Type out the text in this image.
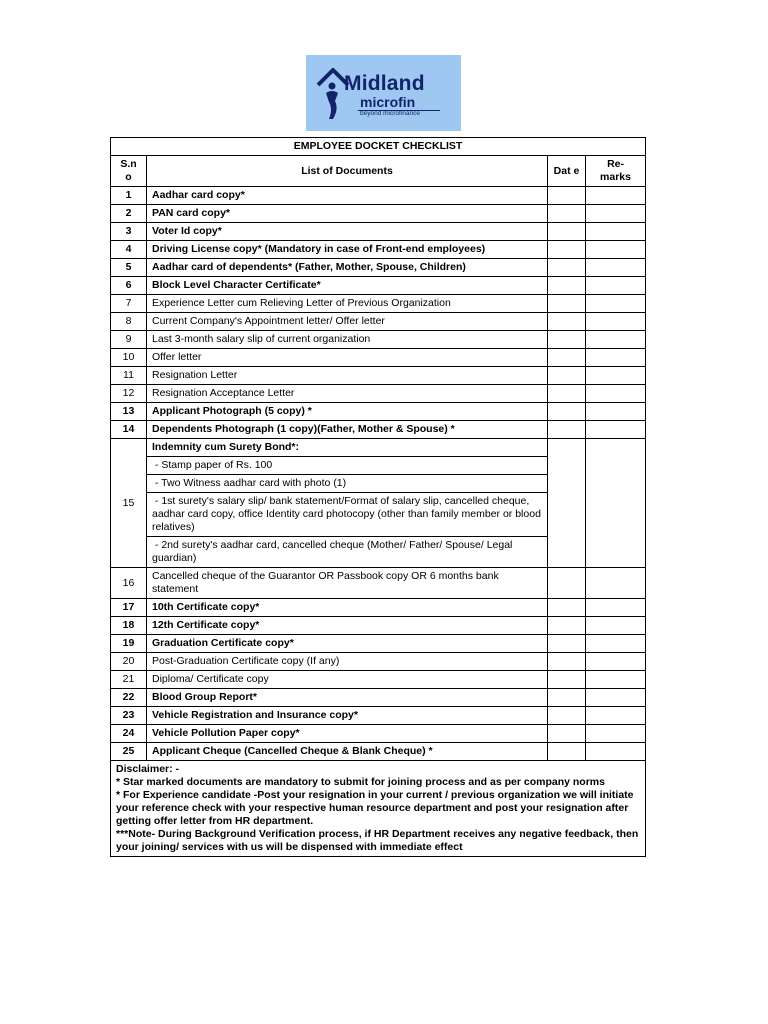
Midland
microfin
beyond microfinance
EMPLOYEE DOCKET CHECKLIST			
S.n o	List of Documents	Dat e	Re- marks
1	Aadhar card copy*		
2	PAN card copy*		
3	Voter Id copy*		
4	Driving License copy* (Mandatory in case of Front-end employees)		
5	Aadhar card of dependents* (Father, Mother, Spouse, Children)		
6	Block Level Character Certificate*		
7	Experience Letter cum Relieving Letter of Previous Organization		
8	Current Company's Appointment letter/ Offer letter		
9	Last 3-month salary slip of current organization		
10	Offer letter		
11	Resignation Letter		
12	Resignation Acceptance Letter		
13	Applicant Photograph (5 copy) *		
14	Dependents Photograph (1 copy)(Father, Mother & Spouse) *		
15	Indemnity cum Surety Bond*:		
	- Stamp paper of Rs. 100		
	- Two Witness aadhar card with photo (1)		
	- 1st surety's salary slip/ bank statement/Format of salary slip, cancelled cheque, aadhar card copy, office Identity card photocopy (other than family member or blood relatives)		
	- 2nd surety's aadhar card, cancelled cheque (Mother/ Father/ Spouse/ Legal guardian)		
16	Cancelled cheque of the Guarantor OR Passbook copy OR 6 months bank statement		
17	10th Certificate copy*		
18	12th Certificate copy*		
19	Graduation Certificate copy*		
20	Post-Graduation Certificate copy (If any)		
21	Diploma/ Certificate copy		
22	Blood Group Report*		
23	Vehicle Registration and Insurance copy*		
24	Vehicle Pollution Paper copy*		
25	Applicant Cheque (Cancelled Cheque & Blank Cheque) *		

Disclaimer: -
* Star marked documents are mandatory to submit for joining process and as per company norms
* For Experience candidate -Post your resignation in your current / previous organization we will initiate your reference check with your respective human resource department and post your resignation after getting offer letter from HR department.
***Note- During Background Verification process, if HR Department receives any negative feedback, then your joining/ services with us will be dispensed with immediate effect			
